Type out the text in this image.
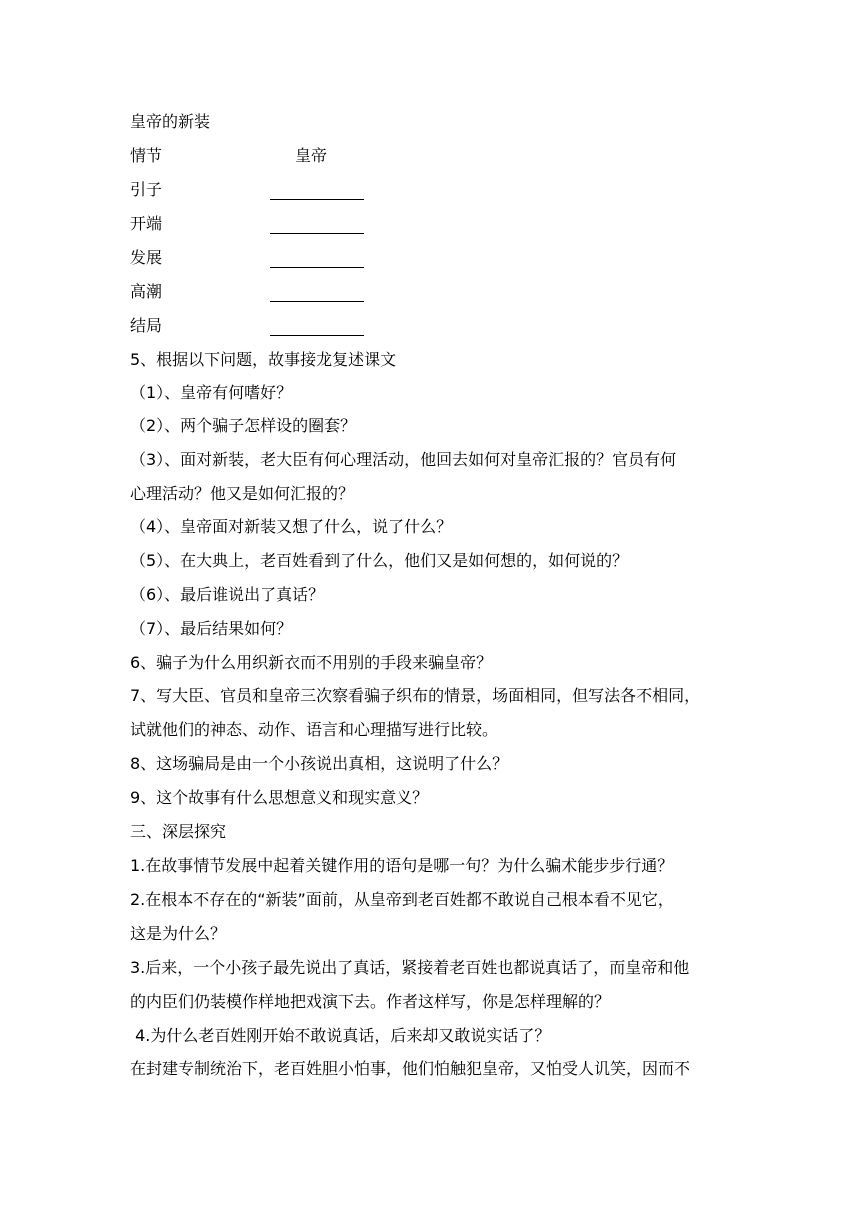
皇帝的新装
情节	皇帝
引子
开端
发展
高潮
结局
5、根据以下问题，故事接龙复述课文
（1）、皇帝有何嗜好？
（2）、两个骗子怎样设的圈套？
（3）、面对新装，老大臣有何心理活动，他回去如何对皇帝汇报的？官员有何
心理活动？他又是如何汇报的？
（4）、皇帝面对新装又想了什么，说了什么？
（5）、在大典上，老百姓看到了什么，他们又是如何想的，如何说的？
（6）、最后谁说出了真话？
（7）、最后结果如何？
6、骗子为什么用织新衣而不用别的手段来骗皇帝？
7、写大臣、官员和皇帝三次察看骗子织布的情景，场面相同，但写法各不相同，
试就他们的神态、动作、语言和心理描写进行比较。
8、这场骗局是由一个小孩说出真相，这说明了什么？
9、这个故事有什么思想意义和现实意义？
三、深层探究
1.在故事情节发展中起着关键作用的语句是哪一句？为什么骗术能步步行通？
2.在根本不存在的“新装”面前，从皇帝到老百姓都不敢说自己根本看不见它，
这是为什么？
3.后来，一个小孩子最先说出了真话，紧接着老百姓也都说真话了，而皇帝和他
的内臣们仍装模作样地把戏演下去。作者这样写，你是怎样理解的？
4.为什么老百姓刚开始不敢说真话，后来却又敢说实话了？
在封建专制统治下，老百姓胆小怕事，他们怕触犯皇帝，又怕受人讥笑，因而不
